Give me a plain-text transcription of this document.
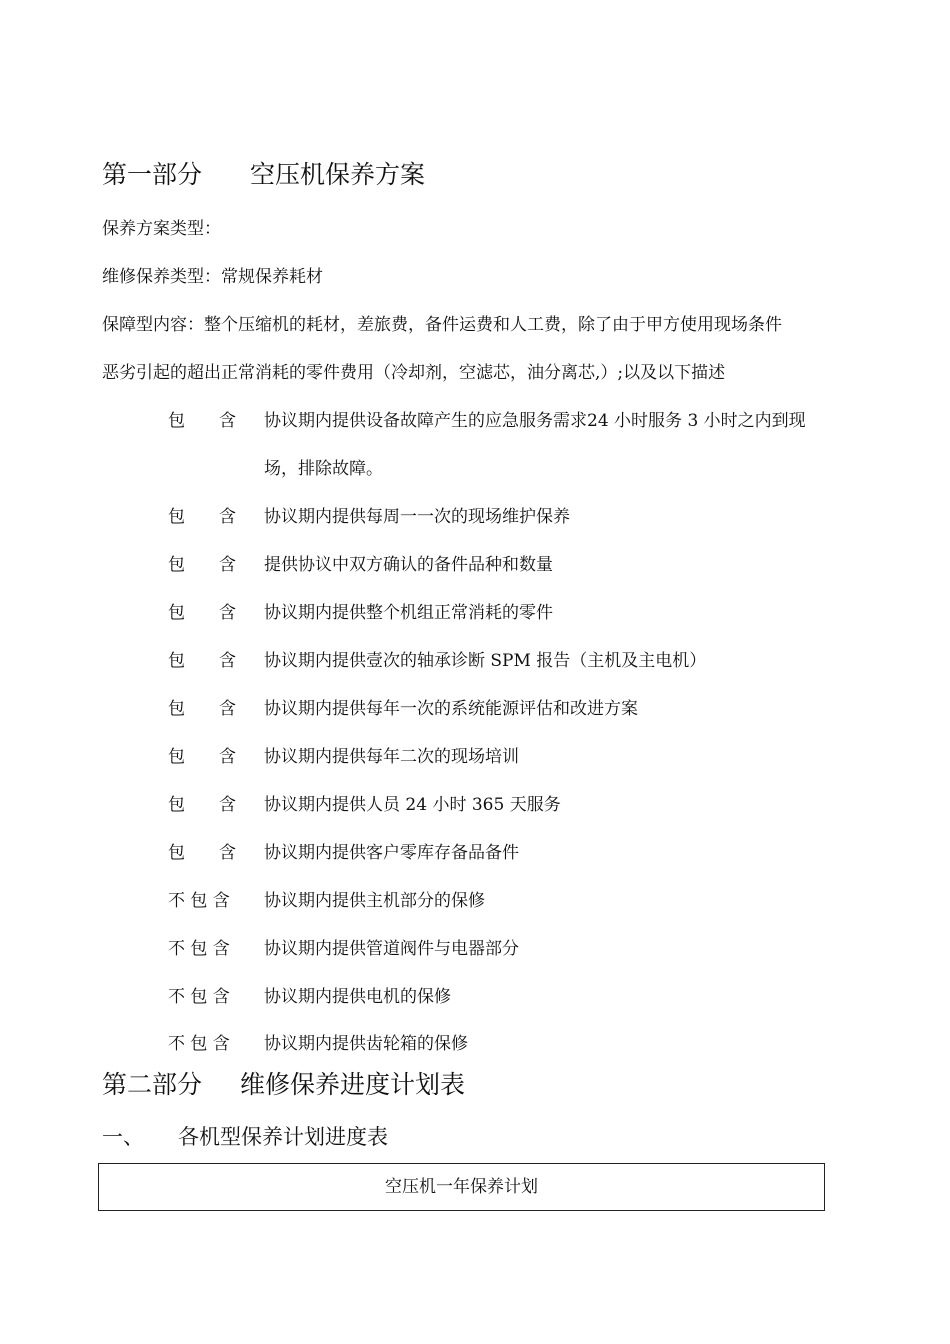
第一部分 空压机保养方案
保养方案类型：
维修保养类型：常规保养耗材
保障型内容：整个压缩机的耗材，差旅费，备件运费和人工费，除了由于甲方使用现场条件
恶劣引起的超出正常消耗的零件费用（冷却剂，空滤芯，油分离芯,）;以及以下描述
包　　含	协议期内提供设备故障产生的应急服务需求24 小时服务 3 小时之内到现
场，排除故障。
包　　含	协议期内提供每周一一次的现场维护保养
包　　含	提供协议中双方确认的备件品种和数量
包　　含	协议期内提供整个机组正常消耗的零件
包　　含	协议期内提供壹次的轴承诊断 SPM 报告（主机及主电机）
包　　含	协议期内提供每年一次的系统能源评估和改进方案
包　　含	协议期内提供每年二次的现场培训
包　　含	协议期内提供人员 24 小时 365 天服务
包　　含	协议期内提供客户零库存备品备件
不 包 含	协议期内提供主机部分的保修
不 包 含	协议期内提供管道阀件与电器部分
不 包 含	协议期内提供电机的保修
不 包 含	协议期内提供齿轮箱的保修
第二部分 维修保养进度计划表
一、 各机型保养计划进度表
空压机一年保养计划
